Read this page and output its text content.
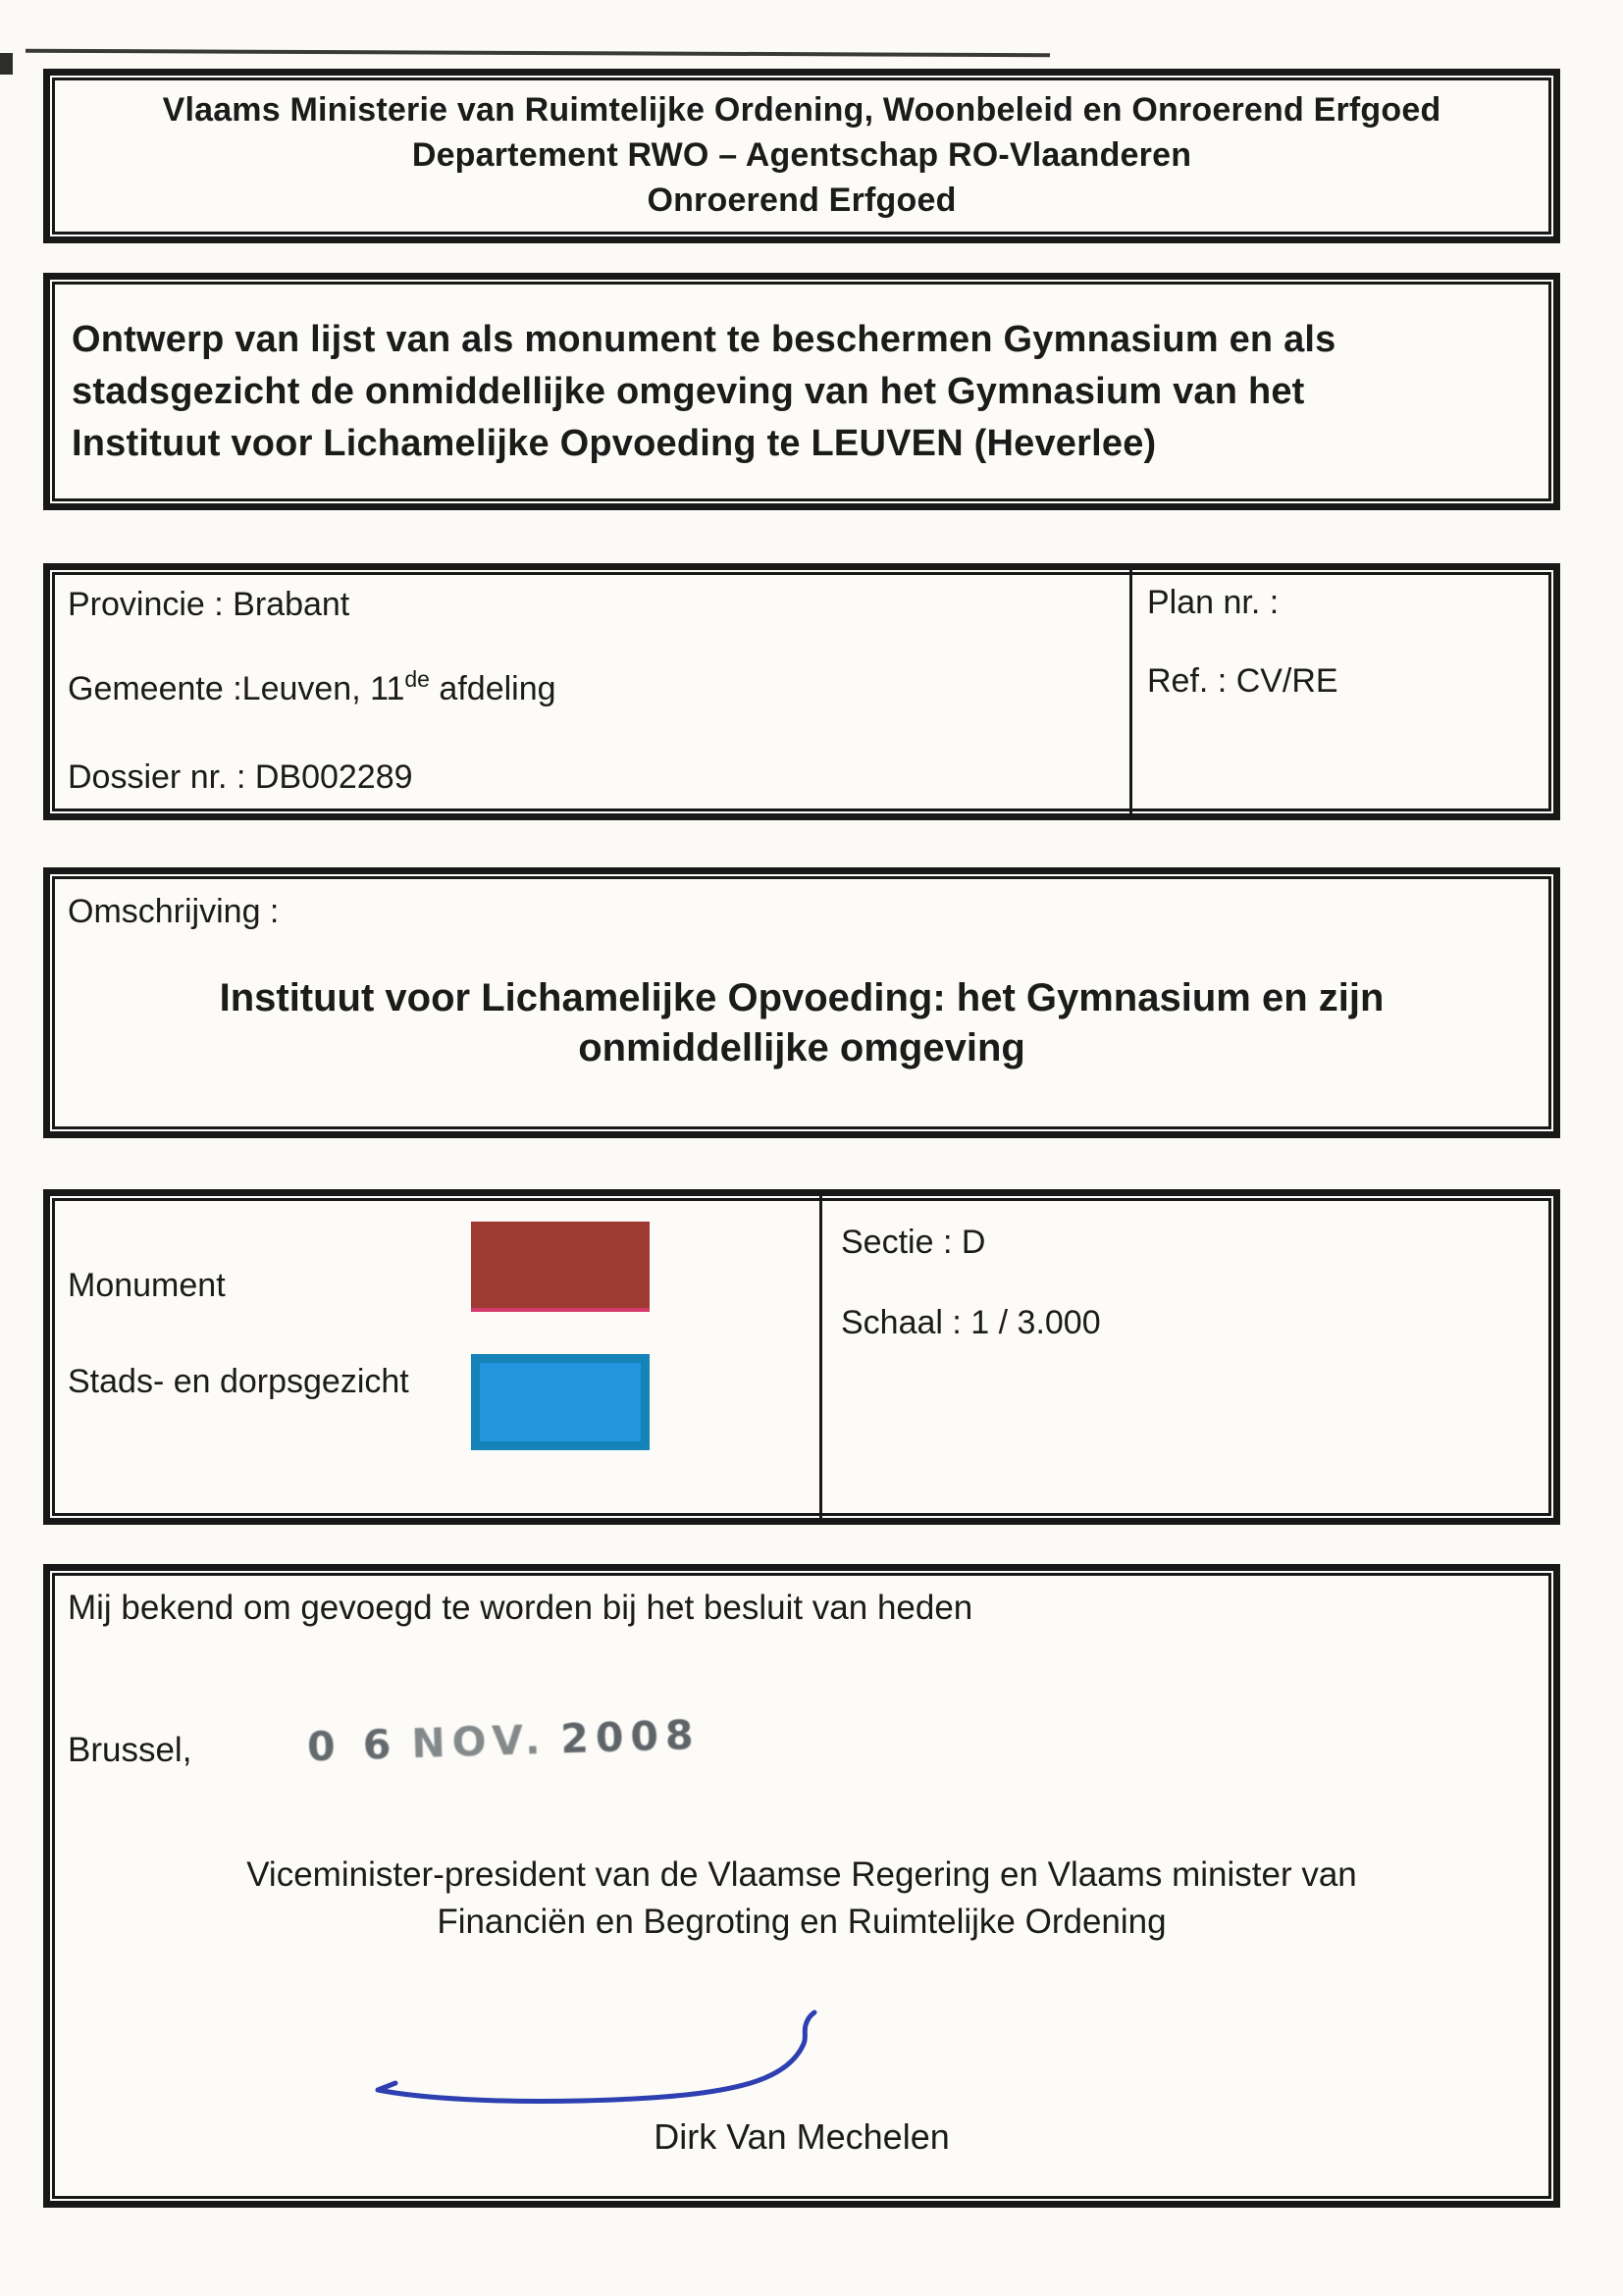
Vlaams Ministerie van Ruimtelijke Ordening, Woonbeleid en Onroerend Erfgoed
Departement RWO – Agentschap RO-Vlaanderen
Onroerend Erfgoed
Ontwerp van lijst van als monument te beschermen Gymnasium en als
stadsgezicht de onmiddellijke omgeving van het Gymnasium van het
Instituut voor Lichamelijke Opvoeding te LEUVEN (Heverlee)
Provincie : Brabant
Gemeente :Leuven, 11de afdeling
Dossier nr. : DB002289
Plan nr. :
Ref. : CV/RE
Omschrijving :
Instituut voor Lichamelijke Opvoeding: het Gymnasium en zijn
onmiddellijke omgeving
Monument
Stads- en dorpsgezicht
Sectie : D
Schaal : 1 / 3.000
Mij bekend om gevoegd te worden bij het besluit van heden
Brussel,	0 6 NOV. 2008
Viceminister-president van de Vlaamse Regering en Vlaams minister van
Financiën en Begroting en Ruimtelijke Ordening
Dirk Van Mechelen
